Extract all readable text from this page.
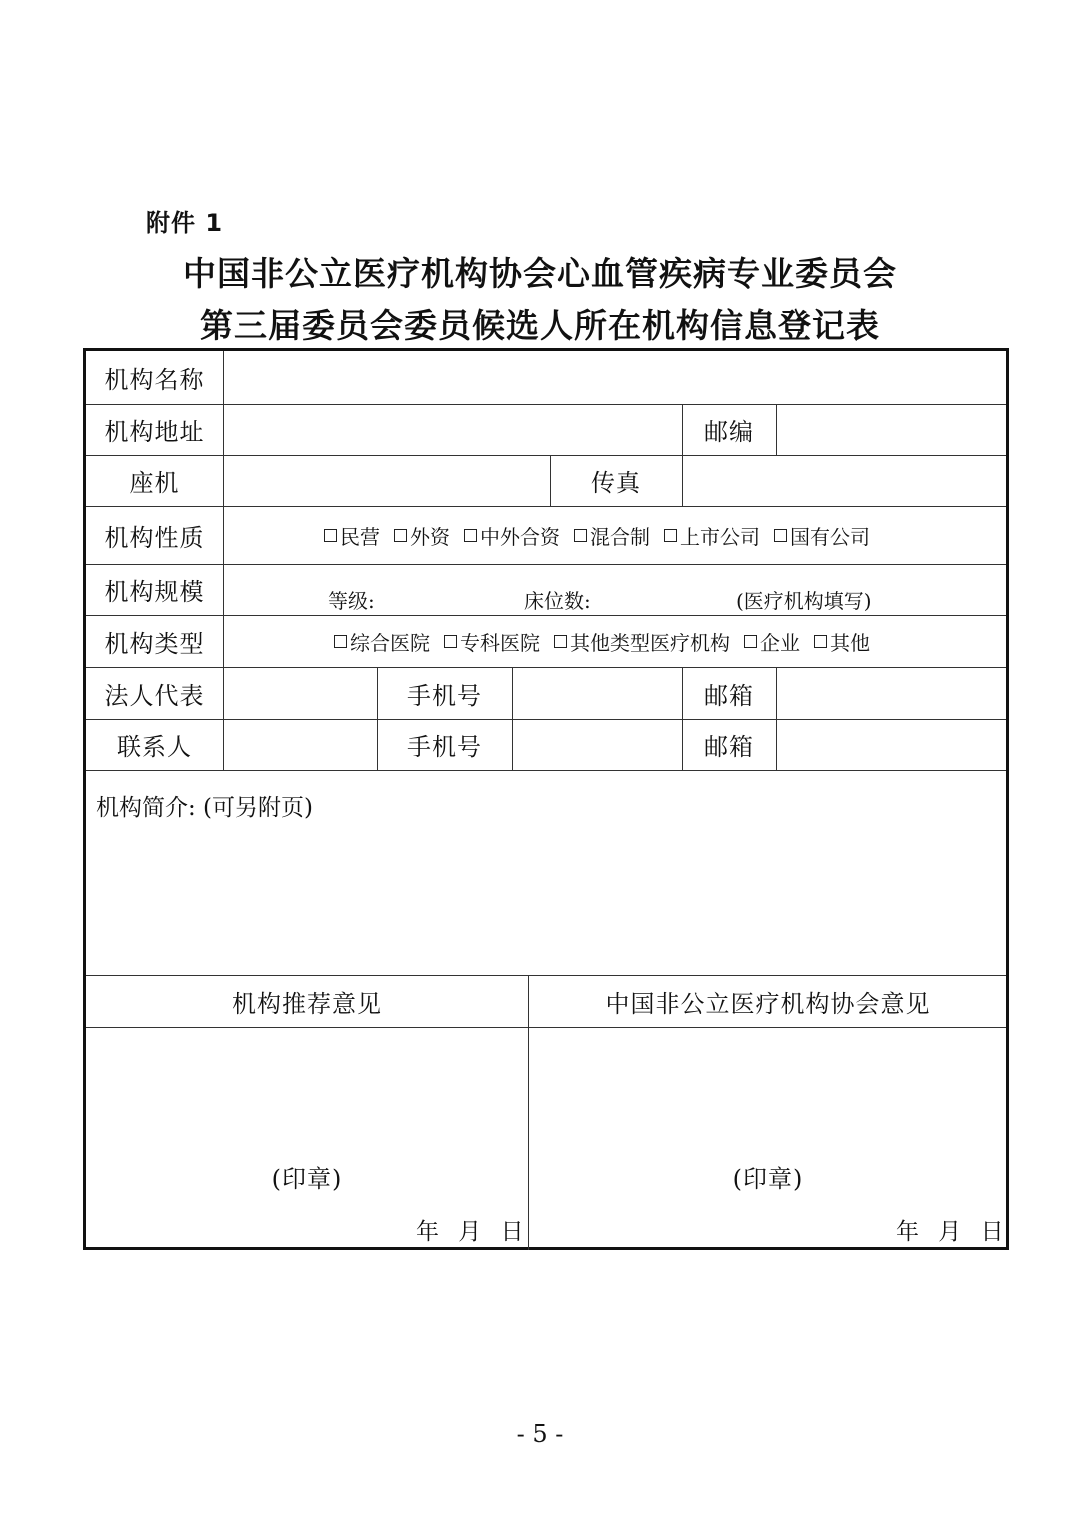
附件 1
中国非公立医疗机构协会心血管疾病专业委员会
第三届委员会委员候选人所在机构信息登记表
机构名称
机构地址	邮编
座机	传真
机构性质	民营 外资 中外合资 混合制 上市公司 国有公司
机构规模	等级:	床位数:	(医疗机构填写)
机构类型	综合医院 专科医院 其他类型医疗机构 企业 其他
法人代表	手机号	邮箱
联系人	手机号	邮箱
机构简介: (可另附页)
机构推荐意见	中国非公立医疗机构协会意见
(印章)	(印章)
年 月 日	年 月 日
- 5 -
